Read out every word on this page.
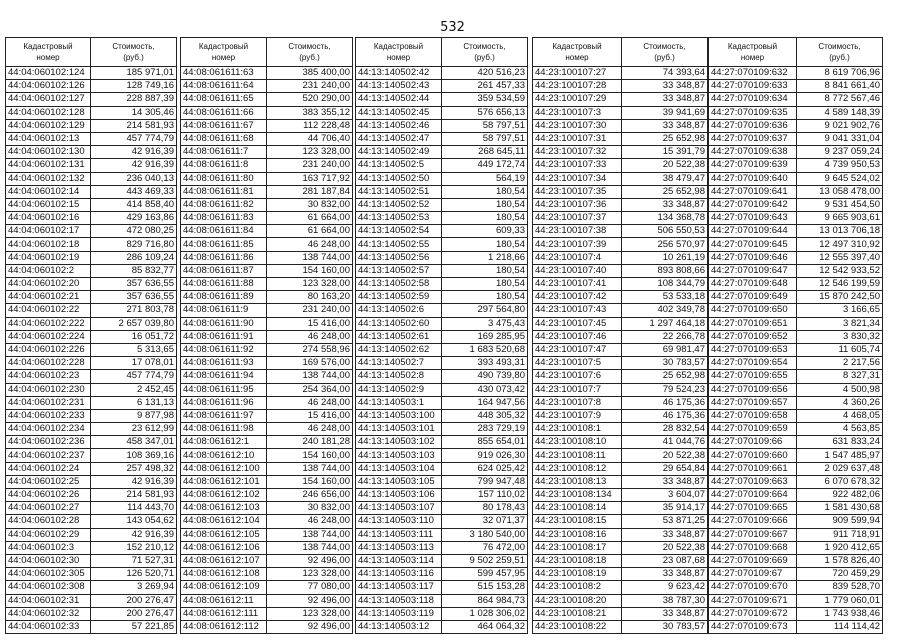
532
Кадастровый
номер	Стоимость,
(руб.)

44:04:060102:124	185 971,01
44:04:060102:126	128 749,16
44:04:060102:127	228 887,39
44:04:060102:128	14 305,46
44:04:060102:129	214 581,93
44:04:060102:13	457 774,79
44:04:060102:130	42 916,39
44:04:060102:131	42 916,39
44:04:060102:132	236 040,13
44:04:060102:14	443 469,33
44:04:060102:15	414 858,40
44:04:060102:16	429 163,86
44:04:060102:17	472 080,25
44:04:060102:18	829 716,80
44:04:060102:19	286 109,24
44:04:060102:2	85 832,77
44:04:060102:20	357 636,55
44:04:060102:21	357 636,55
44:04:060102:22	271 803,78
44:04:060102:222	2 657 039,80
44:04:060102:224	16 051,72
44:04:060102:226	5 313,65
44:04:060102:228	17 078,01
44:04:060102:23	457 774,79
44:04:060102:230	2 452,45
44:04:060102:231	6 131,13
44:04:060102:233	9 877,98
44:04:060102:234	23 612,99
44:04:060102:236	458 347,01
44:04:060102:237	108 369,16
44:04:060102:24	257 498,32
44:04:060102:25	42 916,39
44:04:060102:26	214 581,93
44:04:060102:27	114 443,70
44:04:060102:28	143 054,62
44:04:060102:29	42 916,39
44:04:060102:3	152 210,12
44:04:060102:30	71 527,31
44:04:060102:305	126 520,71
44:04:060102:308	3 269,94
44:04:060102:31	200 276,47
44:04:060102:32	200 276,47
44:04:060102:33	57 221,85
Кадастровый
номер	Стоимость,
(руб.)

44:08:061611:63	385 400,00
44:08:061611:64	231 240,00
44:08:061611:65	520 290,00
44:08:061611:66	383 355,12
44:08:061611:67	112 228,48
44:08:061611:68	44 706,40
44:08:061611:7	123 328,00
44:08:061611:8	231 240,00
44:08:061611:80	163 717,92
44:08:061611:81	281 187,84
44:08:061611:82	30 832,00
44:08:061611:83	61 664,00
44:08:061611:84	61 664,00
44:08:061611:85	46 248,00
44:08:061611:86	138 744,00
44:08:061611:87	154 160,00
44:08:061611:88	123 328,00
44:08:061611:89	80 163,20
44:08:061611:9	231 240,00
44:08:061611:90	15 416,00
44:08:061611:91	46 248,00
44:08:061611:92	274 558,96
44:08:061611:93	169 576,00
44:08:061611:94	138 744,00
44:08:061611:95	254 364,00
44:08:061611:96	46 248,00
44:08:061611:97	15 416,00
44:08:061611:98	46 248,00
44:08:061612:1	240 181,28
44:08:061612:10	154 160,00
44:08:061612:100	138 744,00
44:08:061612:101	154 160,00
44:08:061612:102	246 656,00
44:08:061612:103	30 832,00
44:08:061612:104	46 248,00
44:08:061612:105	138 744,00
44:08:061612:106	138 744,00
44:08:061612:107	92 496,00
44:08:061612:108	123 328,00
44:08:061612:109	77 080,00
44:08:061612:11	92 496,00
44:08:061612:111	123 328,00
44:08:061612:112	92 496,00
Кадастровый
номер	Стоимость,
(руб.)

44:13:140502:42	420 516,23
44:13:140502:43	261 457,33
44:13:140502:44	359 534,59
44:13:140502:45	576 656,13
44:13:140502:46	58 797,51
44:13:140502:47	58 797,51
44:13:140502:49	268 645,11
44:13:140502:5	449 172,74
44:13:140502:50	564,19
44:13:140502:51	180,54
44:13:140502:52	180,54
44:13:140502:53	180,54
44:13:140502:54	609,33
44:13:140502:55	180,54
44:13:140502:56	1 218,66
44:13:140502:57	180,54
44:13:140502:58	180,54
44:13:140502:59	180,54
44:13:140502:6	297 564,80
44:13:140502:60	3 475,43
44:13:140502:61	169 285,95
44:13:140502:62	1 683 520,68
44:13:140502:7	393 493,31
44:13:140502:8	490 739,80
44:13:140502:9	430 073,42
44:13:140503:1	164 947,56
44:13:140503:100	448 305,32
44:13:140503:101	283 729,19
44:13:140503:102	855 654,01
44:13:140503:103	919 026,30
44:13:140503:104	624 025,42
44:13:140503:105	799 947,48
44:13:140503:106	157 110,02
44:13:140503:107	80 178,43
44:13:140503:110	32 071,37
44:13:140503:111	3 180 540,00
44:13:140503:113	76 472,00
44:13:140503:114	9 502 259,51
44:13:140503:116	599 457,95
44:13:140503:117	515 153,28
44:13:140503:118	864 984,73
44:13:140503:119	1 028 306,02
44:13:140503:12	464 064,32
Кадастровый
номер	Стоимость,
(руб.)

44:23:100107:27	74 393,64
44:23:100107:28	33 348,87
44:23:100107:29	33 348,87
44:23:100107:3	39 941,69
44:23:100107:30	33 348,87
44:23:100107:31	25 652,98
44:23:100107:32	15 391,79
44:23:100107:33	20 522,38
44:23:100107:34	38 479,47
44:23:100107:35	25 652,98
44:23:100107:36	33 348,87
44:23:100107:37	134 368,78
44:23:100107:38	506 550,53
44:23:100107:39	256 570,97
44:23:100107:4	10 261,19
44:23:100107:40	893 808,66
44:23:100107:41	108 344,79
44:23:100107:42	53 533,18
44:23:100107:43	402 349,78
44:23:100107:45	1 297 464,18
44:23:100107:46	22 266,78
44:23:100107:47	69 981,47
44:23:100107:5	30 783,57
44:23:100107:6	25 652,98
44:23:100107:7	79 524,23
44:23:100107:8	46 175,36
44:23:100107:9	46 175,36
44:23:100108:1	28 832,54
44:23:100108:10	41 044,76
44:23:100108:11	20 522,38
44:23:100108:12	29 654,84
44:23:100108:13	33 348,87
44:23:100108:134	3 604,07
44:23:100108:14	35 914,17
44:23:100108:15	53 871,25
44:23:100108:16	33 348,87
44:23:100108:17	20 522,38
44:23:100108:18	23 087,68
44:23:100108:19	33 348,87
44:23:100108:2	9 623,42
44:23:100108:20	38 787,30
44:23:100108:21	33 348,87
44:23:100108:22	30 783,57
Кадастровый
номер	Стоимость,
(руб.)

44:27:070109:632	8 619 706,96
44:27:070109:633	8 841 661,40
44:27:070109:634	8 772 567,46
44:27:070109:635	4 589 148,39
44:27:070109:636	9 021 902,76
44:27:070109:637	9 041 331,04
44:27:070109:638	9 237 059,24
44:27:070109:639	4 739 950,53
44:27:070109:640	9 645 524,02
44:27:070109:641	13 058 478,00
44:27:070109:642	9 531 454,50
44:27:070109:643	9 665 903,61
44:27:070109:644	13 013 706,18
44:27:070109:645	12 497 310,92
44:27:070109:646	12 555 397,40
44:27:070109:647	12 542 933,52
44:27:070109:648	12 546 199,59
44:27:070109:649	15 870 242,50
44:27:070109:650	3 166,65
44:27:070109:651	3 821,34
44:27:070109:652	3 830,32
44:27:070109:653	11 605,74
44:27:070109:654	2 217,56
44:27:070109:655	8 327,31
44:27:070109:656	4 500,98
44:27:070109:657	4 360,26
44:27:070109:658	4 468,05
44:27:070109:659	4 563,85
44:27:070109:66	631 833,24
44:27:070109:660	1 547 485,97
44:27:070109:661	2 029 637,48
44:27:070109:663	6 070 678,32
44:27:070109:664	922 482,06
44:27:070109:665	1 581 430,68
44:27:070109:666	909 599,94
44:27:070109:667	911 718,91
44:27:070109:668	1 920 412,65
44:27:070109:669	1 578 826,40
44:27:070109:67	720 459,29
44:27:070109:670	839 528,70
44:27:070109:671	1 779 060,01
44:27:070109:672	1 743 938,46
44:27:070109:673	114 114,42
